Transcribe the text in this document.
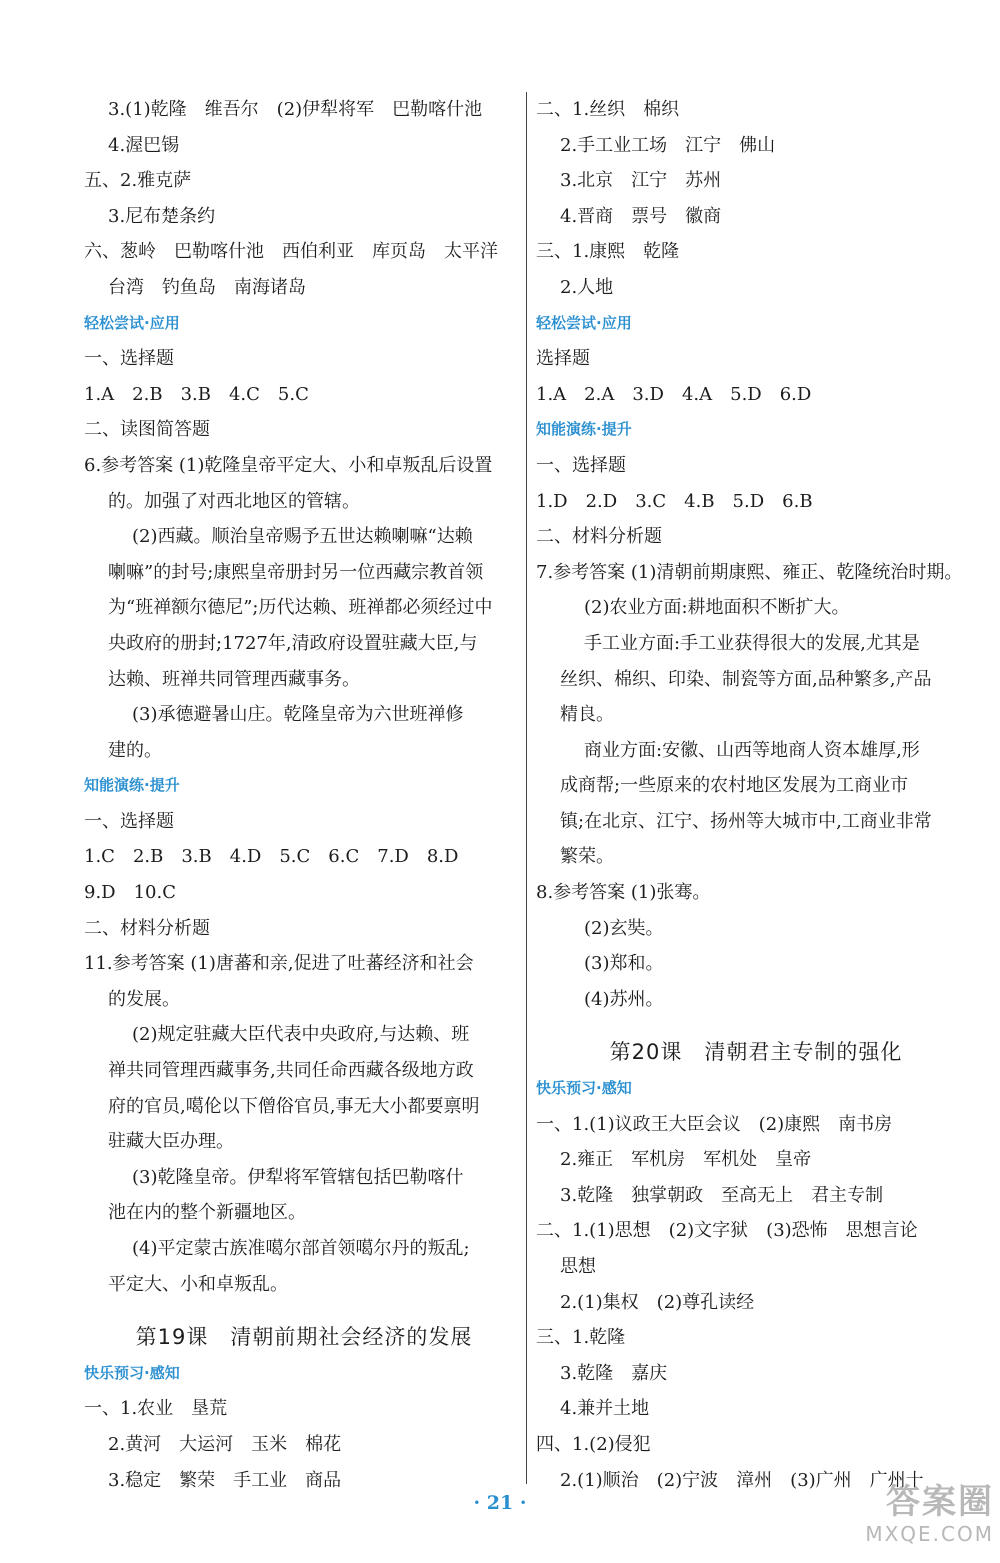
3.(1)乾隆　维吾尔　(2)伊犁将军　巴勒喀什池
4.渥巴锡
五、2.雅克萨
3.尼布楚条约
六、葱岭　巴勒喀什池　西伯利亚　库页岛　太平洋
台湾　钓鱼岛　南海诸岛
轻松尝试·应用
一、选择题
1.A　2.B　3.B　4.C　5.C
二、读图简答题
6.参考答案 (1)乾隆皇帝平定大、小和卓叛乱后设置
的。加强了对西北地区的管辖。
(2)西藏。顺治皇帝赐予五世达赖喇嘛“达赖
喇嘛”的封号;康熙皇帝册封另一位西藏宗教首领
为“班禅额尔德尼”;历代达赖、班禅都必须经过中
央政府的册封;1727年,清政府设置驻藏大臣,与
达赖、班禅共同管理西藏事务。
(3)承德避暑山庄。乾隆皇帝为六世班禅修
建的。
知能演练·提升
一、选择题
1.C　2.B　3.B　4.D　5.C　6.C　7.D　8.D
9.D　10.C
二、材料分析题
11.参考答案 (1)唐蕃和亲,促进了吐蕃经济和社会
的发展。
(2)规定驻藏大臣代表中央政府,与达赖、班
禅共同管理西藏事务,共同任命西藏各级地方政
府的官员,噶伦以下僧俗官员,事无大小都要禀明
驻藏大臣办理。
(3)乾隆皇帝。伊犁将军管辖包括巴勒喀什
池在内的整个新疆地区。
(4)平定蒙古族准噶尔部首领噶尔丹的叛乱;
平定大、小和卓叛乱。
第19课　清朝前期社会经济的发展
快乐预习·感知
一、1.农业　垦荒
2.黄河　大运河　玉米　棉花
3.稳定　繁荣　手工业　商品
二、1.丝织　棉织
2.手工业工场　江宁　佛山
3.北京　江宁　苏州
4.晋商　票号　徽商
三、1.康熙　乾隆
2.人地
轻松尝试·应用
选择题
1.A　2.A　3.D　4.A　5.D　6.D
知能演练·提升
一、选择题
1.D　2.D　3.C　4.B　5.D　6.B
二、材料分析题
7.参考答案 (1)清朝前期康熙、雍正、乾隆统治时期。
(2)农业方面:耕地面积不断扩大。
手工业方面:手工业获得很大的发展,尤其是
丝织、棉织、印染、制瓷等方面,品种繁多,产品
精良。
商业方面:安徽、山西等地商人资本雄厚,形
成商帮;一些原来的农村地区发展为工商业市
镇;在北京、江宁、扬州等大城市中,工商业非常
繁荣。
8.参考答案 (1)张骞。
(2)玄奘。
(3)郑和。
(4)苏州。
第20课　清朝君主专制的强化
快乐预习·感知
一、1.(1)议政王大臣会议　(2)康熙　南书房
2.雍正　军机房　军机处　皇帝
3.乾隆　独掌朝政　至高无上　君主专制
二、1.(1)思想　(2)文字狱　(3)恐怖　思想言论
思想
2.(1)集权　(2)尊孔读经
三、1.乾隆
3.乾隆　嘉庆
4.兼并土地
四、1.(2)侵犯
2.(1)顺治　(2)宁波　漳州　(3)广州　广州十
· 21 ·	答案圈
MXQE.COM
